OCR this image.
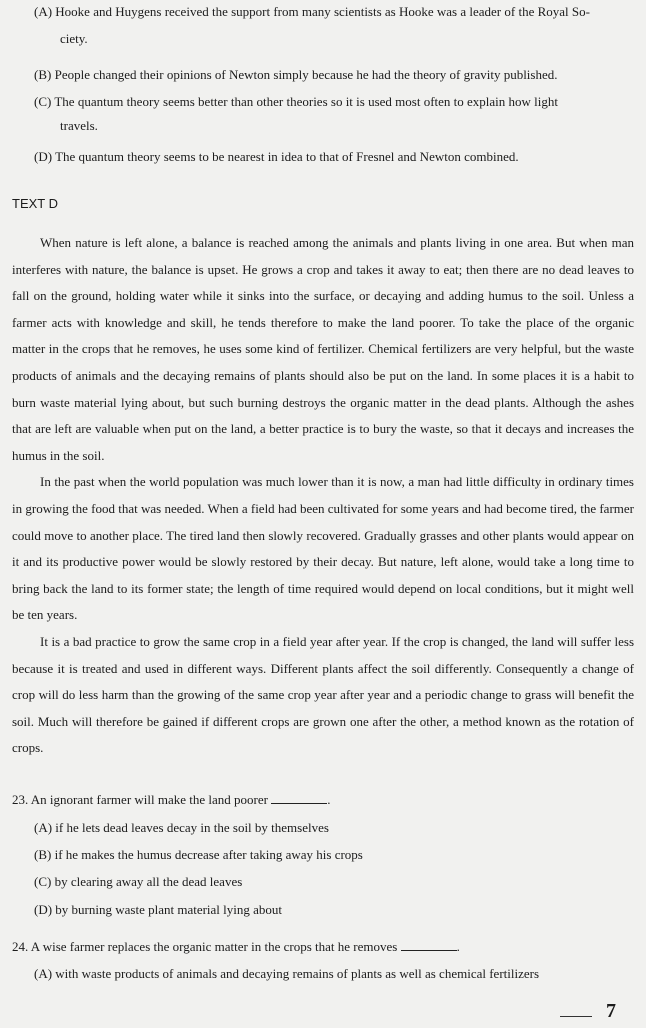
(A) Hooke and Huygens received the support from many scientists as Hooke was a leader of the Royal So-
ciety.
(B) People changed their opinions of Newton simply because he had the theory of gravity published.
(C) The quantum theory seems better than other theories so it is used most often to explain how light
travels.
(D) The quantum theory seems to be nearest in idea to that of Fresnel and Newton combined.
TEXT D

When nature is left alone, a balance is reached among the animals and plants living in one area. But when man interferes with nature, the balance is upset. He grows a crop and takes it away to eat; then there are no dead leaves to fall on the ground, holding water while it sinks into the surface, or decaying and adding humus to the soil. Unless a farmer acts with knowledge and skill, he tends therefore to make the land poorer. To take the place of the organic matter in the crops that he removes, he uses some kind of fertilizer. Chemical fertilizers are very helpful, but the waste products of animals and the decaying remains of plants should also be put on the land. In some places it is a habit to burn waste material lying about, but such burning destroys the organic matter in the dead plants. Although the ashes that are left are valuable when put on the land, a better practice is to bury the waste, so that it decays and increases the humus in the soil.

In the past when the world population was much lower than it is now, a man had little difficulty in ordinary times in growing the food that was needed. When a field had been cultivated for some years and had become tired, the farmer could move to another place. The tired land then slowly recovered. Gradually grasses and other plants would appear on it and its productive power would be slowly restored by their decay. But nature, left alone, would take a long time to bring back the land to its former state; the length of time required would depend on local conditions, but it might well be ten years.

It is a bad practice to grow the same crop in a field year after year. If the crop is changed, the land will suffer less because it is treated and used in different ways. Different plants affect the soil differently. Consequently a change of crop will do less harm than the growing of the same crop year after year and a periodic change to grass will benefit the soil. Much will therefore be gained if different crops are grown one after the other, a method known as the rotation of crops.

23. An ignorant farmer will make the land poorer	.
(A) if he lets dead leaves decay in the soil by themselves
(B) if he makes the humus decrease after taking away his crops
(C) by clearing away all the dead leaves
(D) by burning waste plant material lying about
24. A wise farmer replaces the organic matter in the crops that he removes	.
(A) with waste products of animals and decaying remains of plants as well as chemical fertilizers
7
